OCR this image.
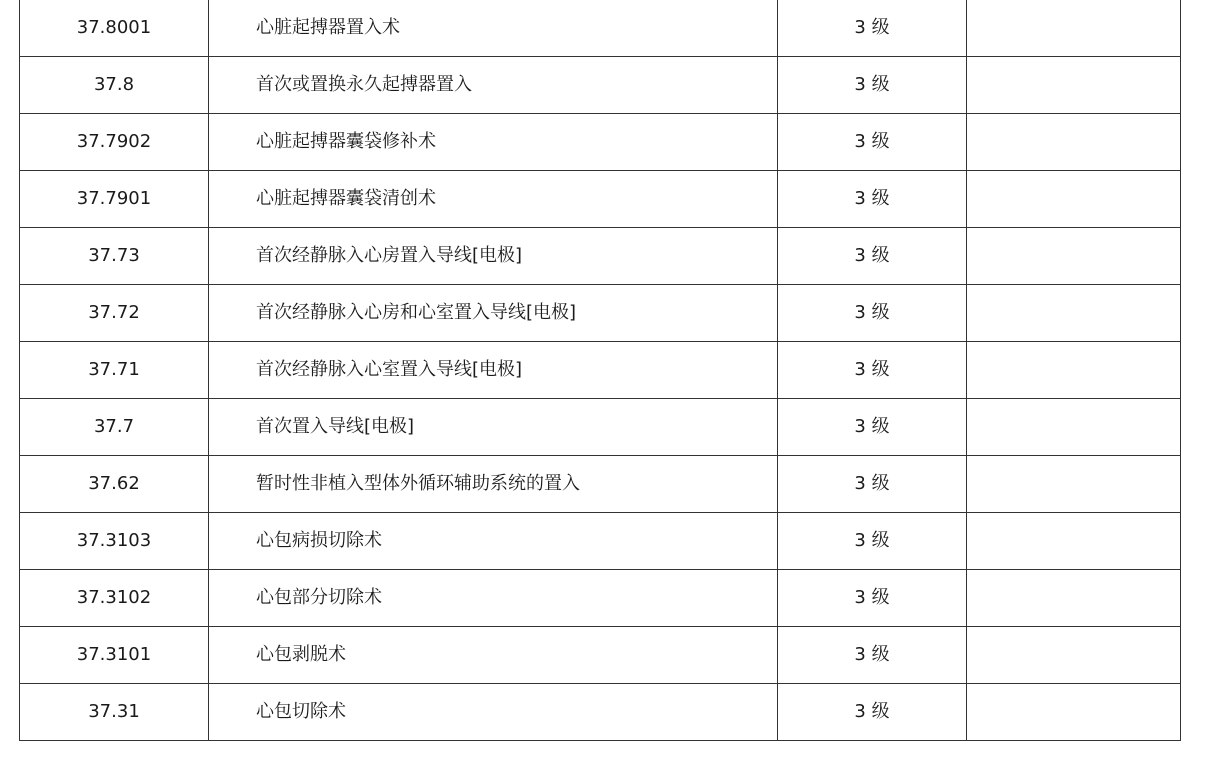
37.8001	心脏起搏器置入术	3 级	
37.8	首次或置换永久起搏器置入	3 级	
37.7902	心脏起搏器囊袋修补术	3 级	
37.7901	心脏起搏器囊袋清创术	3 级	
37.73	首次经静脉入心房置入导线[电极]	3 级	
37.72	首次经静脉入心房和心室置入导线[电极]	3 级	
37.71	首次经静脉入心室置入导线[电极]	3 级	
37.7	首次置入导线[电极]	3 级	
37.62	暂时性非植入型体外循环辅助系统的置入	3 级	
37.3103	心包病损切除术	3 级	
37.3102	心包部分切除术	3 级	
37.3101	心包剥脱术	3 级	
37.31	心包切除术	3 级	
